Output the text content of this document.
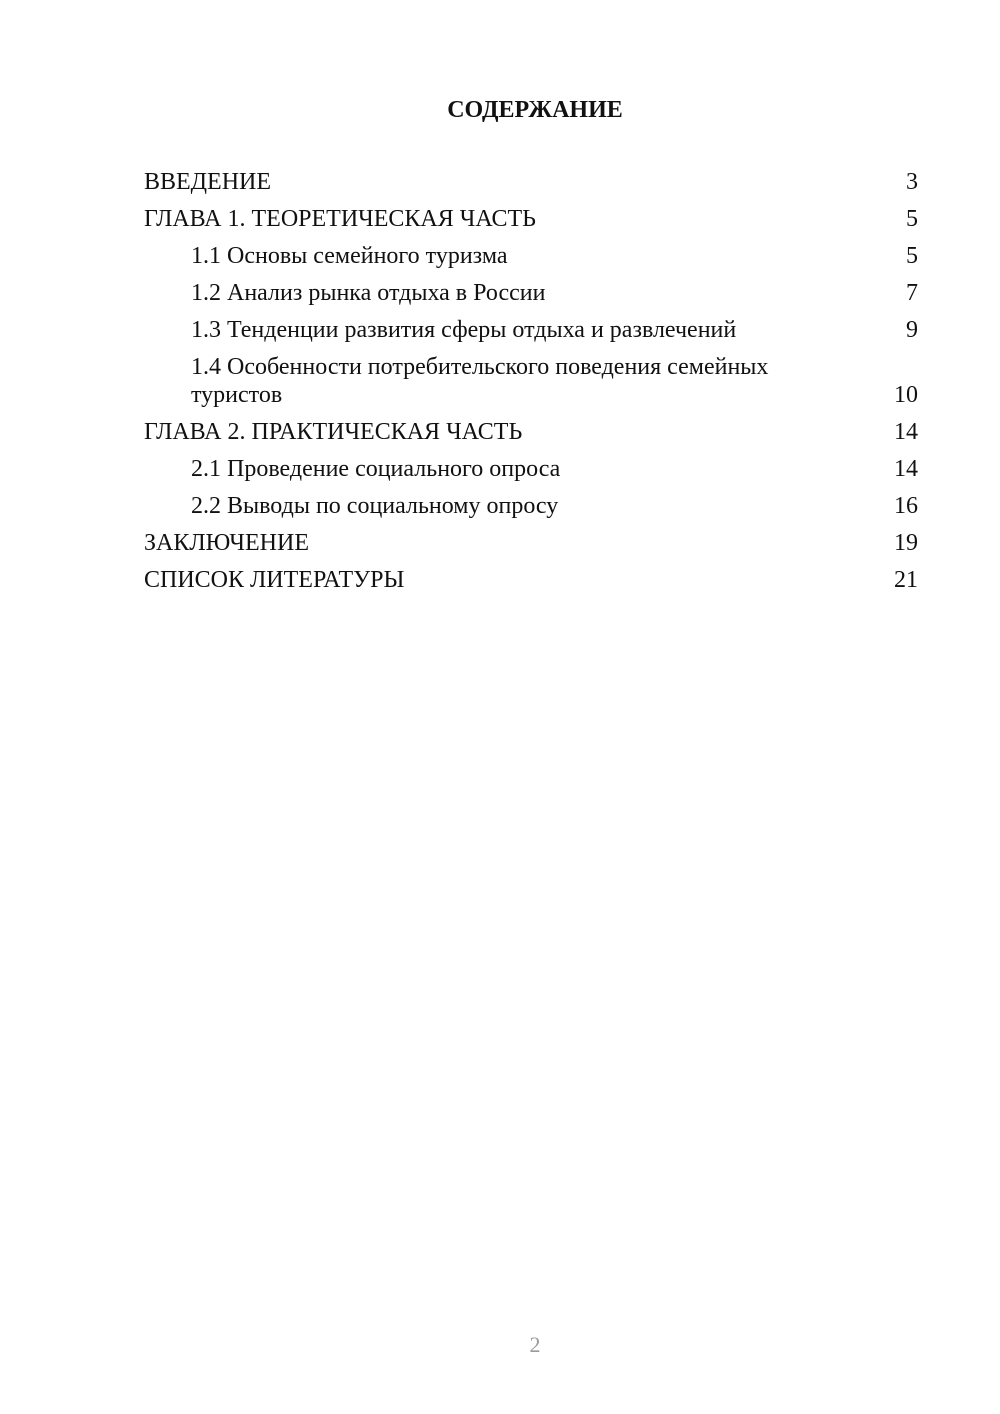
СОДЕРЖАНИЕ
ВВЕДЕНИЕ	3
ГЛАВА 1. ТЕОРЕТИЧЕСКАЯ ЧАСТЬ	5
1.1 Основы семейного туризма	5
1.2 Анализ рынка отдыха в России	7
1.3 Тенденции развития сферы отдыха и развлечений	9
1.4 Особенности потребительского поведения семейных туристов	10
ГЛАВА 2. ПРАКТИЧЕСКАЯ ЧАСТЬ	14
2.1 Проведение социального опроса	14
2.2 Выводы по социальному опросу	16
ЗАКЛЮЧЕНИЕ	19
СПИСОК ЛИТЕРАТУРЫ	21
2
